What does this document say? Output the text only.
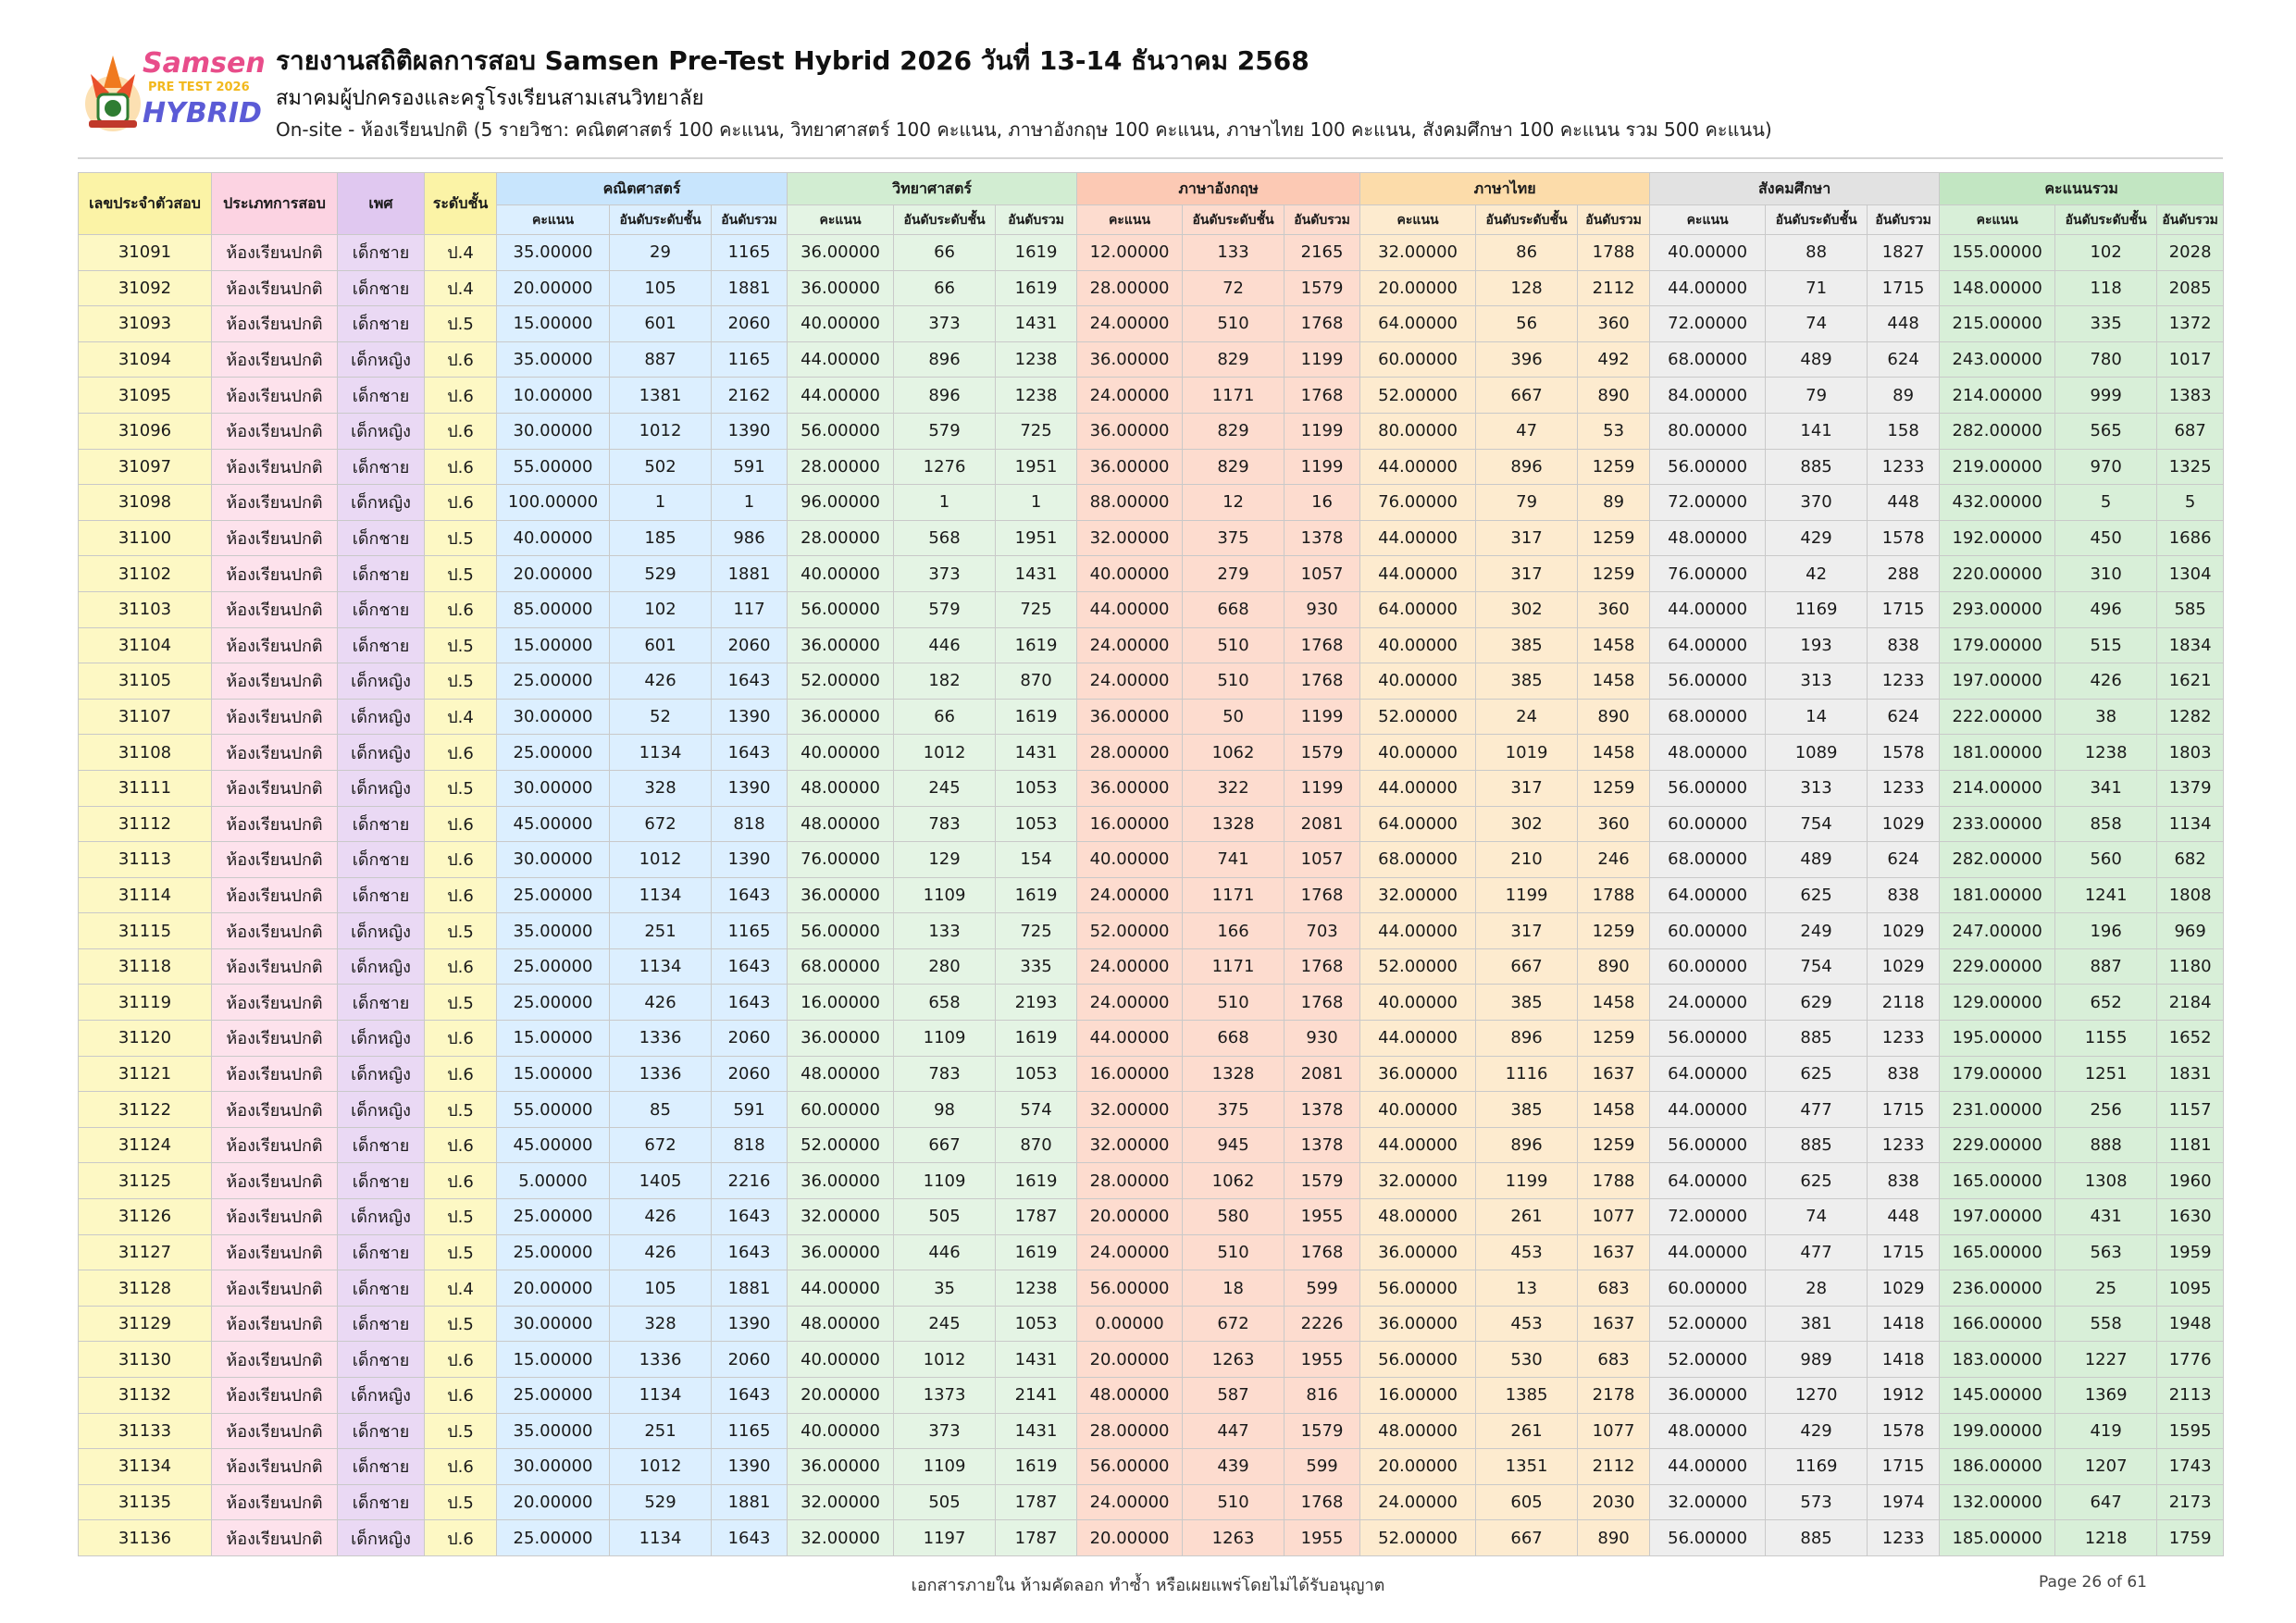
Samsen
PRE TEST 2026
HYBRID
รายงานสถิติผลการสอบ Samsen Pre-Test Hybrid 2026 วันที่ 13-14 ธันวาคม 2568
สมาคมผู้ปกครองและครูโรงเรียนสามเสนวิทยาลัย
On-site - ห้องเรียนปกติ (5 รายวิชา: คณิตศาสตร์ 100 คะแนน, วิทยาศาสตร์ 100 คะแนน, ภาษาอังกฤษ 100 คะแนน, ภาษาไทย 100 คะแนน, สังคมศึกษา 100 คะแนน รวม 500 คะแนน)
เลขประจำตัวสอบ	ประเภทการสอบ	เพศ	ระดับชั้น	คณิตศาสตร์			วิทยาศาสตร์			ภาษาอังกฤษ			ภาษาไทย			สังคมศึกษา			คะแนนรวม		
				คะแนน	อันดับระดับชั้น	อันดับรวม	คะแนน	อันดับระดับชั้น	อันดับรวม	คะแนน	อันดับระดับชั้น	อันดับรวม	คะแนน	อันดับระดับชั้น	อันดับรวม	คะแนน	อันดับระดับชั้น	อันดับรวม	คะแนน	อันดับระดับชั้น	อันดับรวม
31091	ห้องเรียนปกติ	เด็กชาย	ป.4	35.00000	29	1165	36.00000	66	1619	12.00000	133	2165	32.00000	86	1788	40.00000	88	1827	155.00000	102	2028
31092	ห้องเรียนปกติ	เด็กชาย	ป.4	20.00000	105	1881	36.00000	66	1619	28.00000	72	1579	20.00000	128	2112	44.00000	71	1715	148.00000	118	2085
31093	ห้องเรียนปกติ	เด็กชาย	ป.5	15.00000	601	2060	40.00000	373	1431	24.00000	510	1768	64.00000	56	360	72.00000	74	448	215.00000	335	1372
31094	ห้องเรียนปกติ	เด็กหญิง	ป.6	35.00000	887	1165	44.00000	896	1238	36.00000	829	1199	60.00000	396	492	68.00000	489	624	243.00000	780	1017
31095	ห้องเรียนปกติ	เด็กชาย	ป.6	10.00000	1381	2162	44.00000	896	1238	24.00000	1171	1768	52.00000	667	890	84.00000	79	89	214.00000	999	1383
31096	ห้องเรียนปกติ	เด็กหญิง	ป.6	30.00000	1012	1390	56.00000	579	725	36.00000	829	1199	80.00000	47	53	80.00000	141	158	282.00000	565	687
31097	ห้องเรียนปกติ	เด็กชาย	ป.6	55.00000	502	591	28.00000	1276	1951	36.00000	829	1199	44.00000	896	1259	56.00000	885	1233	219.00000	970	1325
31098	ห้องเรียนปกติ	เด็กหญิง	ป.6	100.00000	1	1	96.00000	1	1	88.00000	12	16	76.00000	79	89	72.00000	370	448	432.00000	5	5
31100	ห้องเรียนปกติ	เด็กชาย	ป.5	40.00000	185	986	28.00000	568	1951	32.00000	375	1378	44.00000	317	1259	48.00000	429	1578	192.00000	450	1686
31102	ห้องเรียนปกติ	เด็กชาย	ป.5	20.00000	529	1881	40.00000	373	1431	40.00000	279	1057	44.00000	317	1259	76.00000	42	288	220.00000	310	1304
31103	ห้องเรียนปกติ	เด็กชาย	ป.6	85.00000	102	117	56.00000	579	725	44.00000	668	930	64.00000	302	360	44.00000	1169	1715	293.00000	496	585
31104	ห้องเรียนปกติ	เด็กชาย	ป.5	15.00000	601	2060	36.00000	446	1619	24.00000	510	1768	40.00000	385	1458	64.00000	193	838	179.00000	515	1834
31105	ห้องเรียนปกติ	เด็กหญิง	ป.5	25.00000	426	1643	52.00000	182	870	24.00000	510	1768	40.00000	385	1458	56.00000	313	1233	197.00000	426	1621
31107	ห้องเรียนปกติ	เด็กหญิง	ป.4	30.00000	52	1390	36.00000	66	1619	36.00000	50	1199	52.00000	24	890	68.00000	14	624	222.00000	38	1282
31108	ห้องเรียนปกติ	เด็กหญิง	ป.6	25.00000	1134	1643	40.00000	1012	1431	28.00000	1062	1579	40.00000	1019	1458	48.00000	1089	1578	181.00000	1238	1803
31111	ห้องเรียนปกติ	เด็กหญิง	ป.5	30.00000	328	1390	48.00000	245	1053	36.00000	322	1199	44.00000	317	1259	56.00000	313	1233	214.00000	341	1379
31112	ห้องเรียนปกติ	เด็กชาย	ป.6	45.00000	672	818	48.00000	783	1053	16.00000	1328	2081	64.00000	302	360	60.00000	754	1029	233.00000	858	1134
31113	ห้องเรียนปกติ	เด็กชาย	ป.6	30.00000	1012	1390	76.00000	129	154	40.00000	741	1057	68.00000	210	246	68.00000	489	624	282.00000	560	682
31114	ห้องเรียนปกติ	เด็กชาย	ป.6	25.00000	1134	1643	36.00000	1109	1619	24.00000	1171	1768	32.00000	1199	1788	64.00000	625	838	181.00000	1241	1808
31115	ห้องเรียนปกติ	เด็กหญิง	ป.5	35.00000	251	1165	56.00000	133	725	52.00000	166	703	44.00000	317	1259	60.00000	249	1029	247.00000	196	969
31118	ห้องเรียนปกติ	เด็กหญิง	ป.6	25.00000	1134	1643	68.00000	280	335	24.00000	1171	1768	52.00000	667	890	60.00000	754	1029	229.00000	887	1180
31119	ห้องเรียนปกติ	เด็กชาย	ป.5	25.00000	426	1643	16.00000	658	2193	24.00000	510	1768	40.00000	385	1458	24.00000	629	2118	129.00000	652	2184
31120	ห้องเรียนปกติ	เด็กหญิง	ป.6	15.00000	1336	2060	36.00000	1109	1619	44.00000	668	930	44.00000	896	1259	56.00000	885	1233	195.00000	1155	1652
31121	ห้องเรียนปกติ	เด็กหญิง	ป.6	15.00000	1336	2060	48.00000	783	1053	16.00000	1328	2081	36.00000	1116	1637	64.00000	625	838	179.00000	1251	1831
31122	ห้องเรียนปกติ	เด็กหญิง	ป.5	55.00000	85	591	60.00000	98	574	32.00000	375	1378	40.00000	385	1458	44.00000	477	1715	231.00000	256	1157
31124	ห้องเรียนปกติ	เด็กชาย	ป.6	45.00000	672	818	52.00000	667	870	32.00000	945	1378	44.00000	896	1259	56.00000	885	1233	229.00000	888	1181
31125	ห้องเรียนปกติ	เด็กชาย	ป.6	5.00000	1405	2216	36.00000	1109	1619	28.00000	1062	1579	32.00000	1199	1788	64.00000	625	838	165.00000	1308	1960
31126	ห้องเรียนปกติ	เด็กหญิง	ป.5	25.00000	426	1643	32.00000	505	1787	20.00000	580	1955	48.00000	261	1077	72.00000	74	448	197.00000	431	1630
31127	ห้องเรียนปกติ	เด็กชาย	ป.5	25.00000	426	1643	36.00000	446	1619	24.00000	510	1768	36.00000	453	1637	44.00000	477	1715	165.00000	563	1959
31128	ห้องเรียนปกติ	เด็กชาย	ป.4	20.00000	105	1881	44.00000	35	1238	56.00000	18	599	56.00000	13	683	60.00000	28	1029	236.00000	25	1095
31129	ห้องเรียนปกติ	เด็กชาย	ป.5	30.00000	328	1390	48.00000	245	1053	0.00000	672	2226	36.00000	453	1637	52.00000	381	1418	166.00000	558	1948
31130	ห้องเรียนปกติ	เด็กชาย	ป.6	15.00000	1336	2060	40.00000	1012	1431	20.00000	1263	1955	56.00000	530	683	52.00000	989	1418	183.00000	1227	1776
31132	ห้องเรียนปกติ	เด็กหญิง	ป.6	25.00000	1134	1643	20.00000	1373	2141	48.00000	587	816	16.00000	1385	2178	36.00000	1270	1912	145.00000	1369	2113
31133	ห้องเรียนปกติ	เด็กชาย	ป.5	35.00000	251	1165	40.00000	373	1431	28.00000	447	1579	48.00000	261	1077	48.00000	429	1578	199.00000	419	1595
31134	ห้องเรียนปกติ	เด็กชาย	ป.6	30.00000	1012	1390	36.00000	1109	1619	56.00000	439	599	20.00000	1351	2112	44.00000	1169	1715	186.00000	1207	1743
31135	ห้องเรียนปกติ	เด็กชาย	ป.5	20.00000	529	1881	32.00000	505	1787	24.00000	510	1768	24.00000	605	2030	32.00000	573	1974	132.00000	647	2173
31136	ห้องเรียนปกติ	เด็กหญิง	ป.6	25.00000	1134	1643	32.00000	1197	1787	20.00000	1263	1955	52.00000	667	890	56.00000	885	1233	185.00000	1218	1759
เอกสารภายใน ห้ามคัดลอก ทำซ้ำ หรือเผยแพร่โดยไม่ได้รับอนุญาต	Page 26 of 61
